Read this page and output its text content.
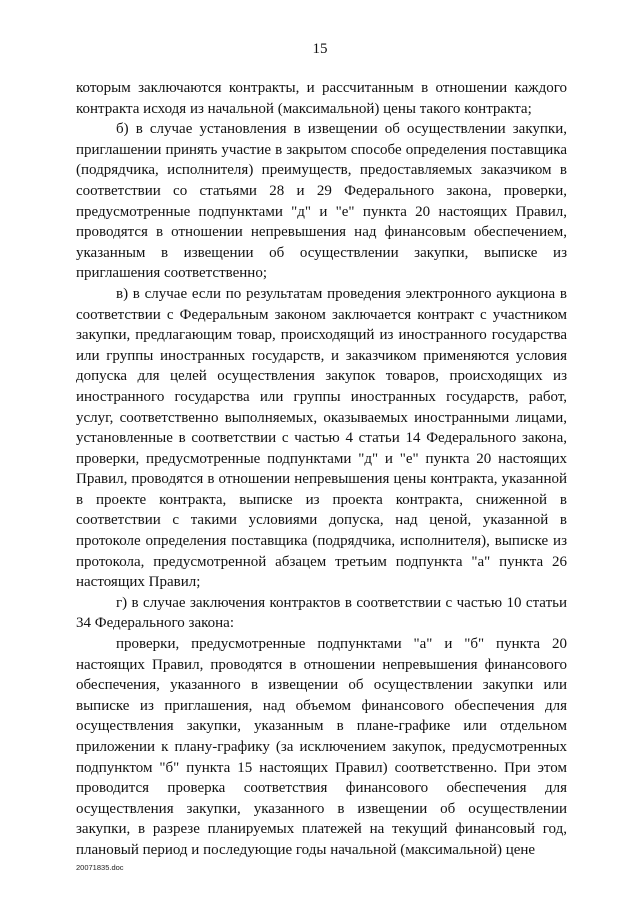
15

которым заключаются контракты, и рассчитанным в отношении каждого контракта исходя из начальной (максимальной) цены такого контракта;

б) в случае установления в извещении об осуществлении закупки, приглашении принять участие в закрытом способе определения поставщика (подрядчика, исполнителя) преимуществ, предоставляемых заказчиком в соответствии со статьями 28 и 29 Федерального закона, проверки, предусмотренные подпунктами "д" и "е" пункта 20 настоящих Правил, проводятся в отношении непревышения над финансовым обеспечением, указанным в извещении об осуществлении закупки, выписке из приглашения соответственно;

в) в случае если по результатам проведения электронного аукциона в соответствии с Федеральным законом заключается контракт с участником закупки, предлагающим товар, происходящий из иностранного государства или группы иностранных государств, и заказчиком применяются условия допуска для целей осуществления закупок товаров, происходящих из иностранного государства или группы иностранных государств, работ, услуг, соответственно выполняемых, оказываемых иностранными лицами, установленные в соответствии с частью 4 статьи 14 Федерального закона, проверки, предусмотренные подпунктами "д" и "е" пункта 20 настоящих Правил, проводятся в отношении непревышения цены контракта, указанной в проекте контракта, выписке из проекта контракта, сниженной в соответствии с такими условиями допуска, над ценой, указанной в протоколе определения поставщика (подрядчика, исполнителя), выписке из протокола, предусмотренной абзацем третьим подпункта "а" пункта 26 настоящих Правил;

г) в случае заключения контрактов в соответствии с частью 10 статьи 34 Федерального закона:

проверки, предусмотренные подпунктами "а" и "б" пункта 20 настоящих Правил, проводятся в отношении непревышения финансового обеспечения, указанного в извещении об осуществлении закупки или выписке из приглашения, над объемом финансового обеспечения для осуществления закупки, указанным в плане-графике или отдельном приложении к плану-графику (за исключением закупок, предусмотренных подпунктом "б" пункта 15 настоящих Правил) соответственно. При этом проводится проверка соответствия финансового обеспечения для осуществления закупки, указанного в извещении об осуществлении закупки, в разрезе планируемых платежей на текущий финансовый год, плановый период и последующие годы начальной (максимальной) цене

20071835.doc
